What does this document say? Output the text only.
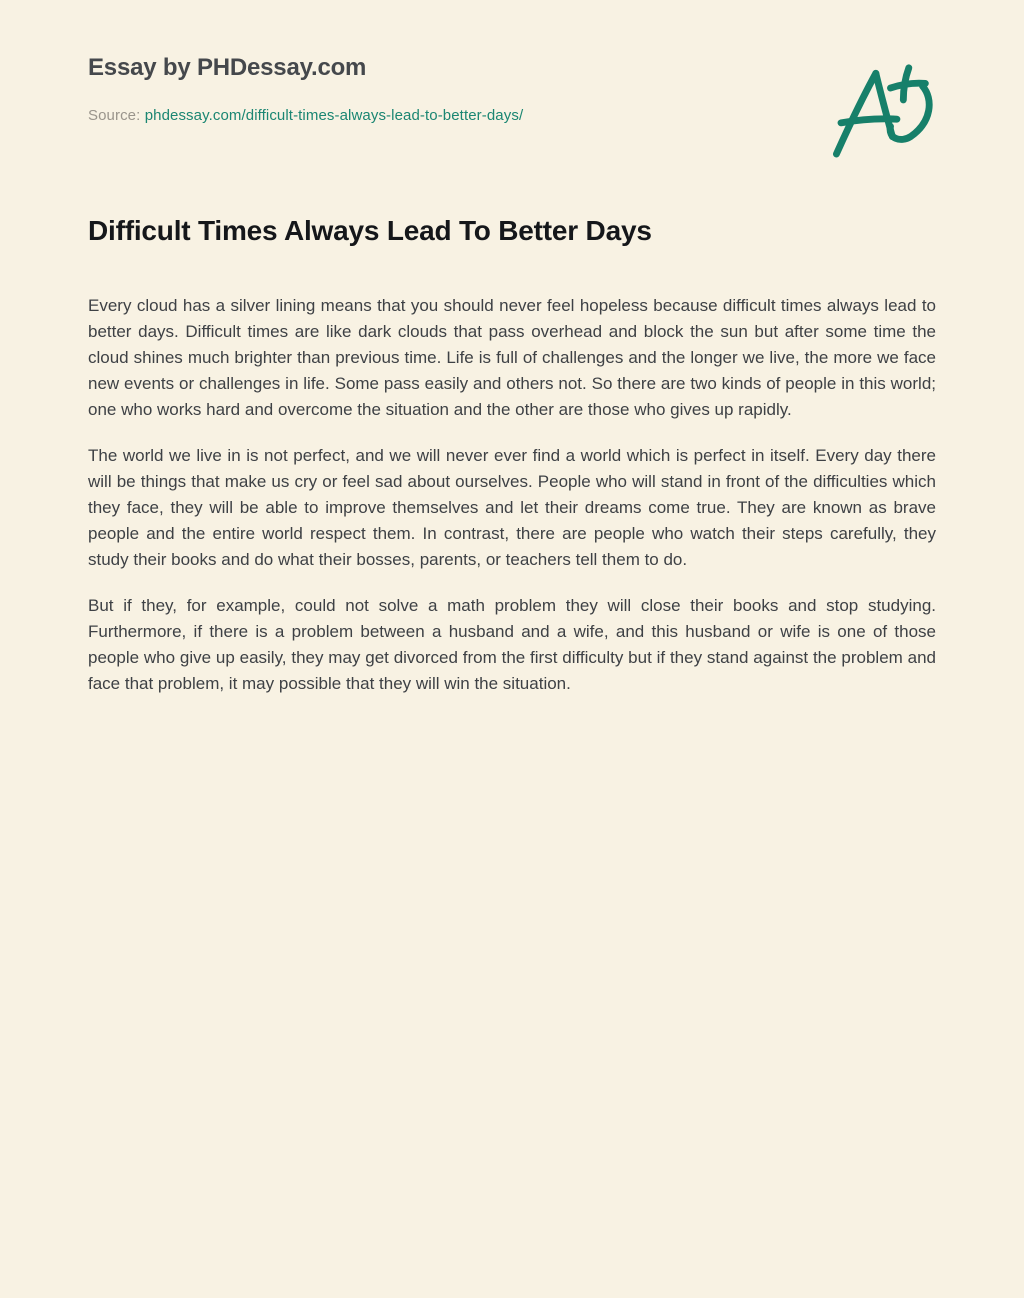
Essay by PHDessay.com
Source: phdessay.com/difficult-times-always-lead-to-better-days/
Difficult Times Always Lead To Better Days

Every cloud has a silver lining means that you should never feel hopeless because difficult times always lead to better days. Difficult times are like dark clouds that pass overhead and block the sun but after some time the cloud shines much brighter than previous time. Life is full of challenges and the longer we live, the more we face new events or challenges in life. Some pass easily and others not. So there are two kinds of people in this world; one who works hard and overcome the situation and the other are those who gives up rapidly.

The world we live in is not perfect, and we will never ever find a world which is perfect in itself. Every day there will be things that make us cry or feel sad about ourselves. People who will stand in front of the difficulties which they face, they will be able to improve themselves and let their dreams come true. They are known as brave people and the entire world respect them. In contrast, there are people who watch their steps carefully, they study their books and do what their bosses, parents, or teachers tell them to do.

But if they, for example, could not solve a math problem they will close their books and stop studying. Furthermore, if there is a problem between a husband and a wife, and this husband or wife is one of those people who give up easily, they may get divorced from the first difficulty but if they stand against the problem and face that problem, it may possible that they will win the situation.
